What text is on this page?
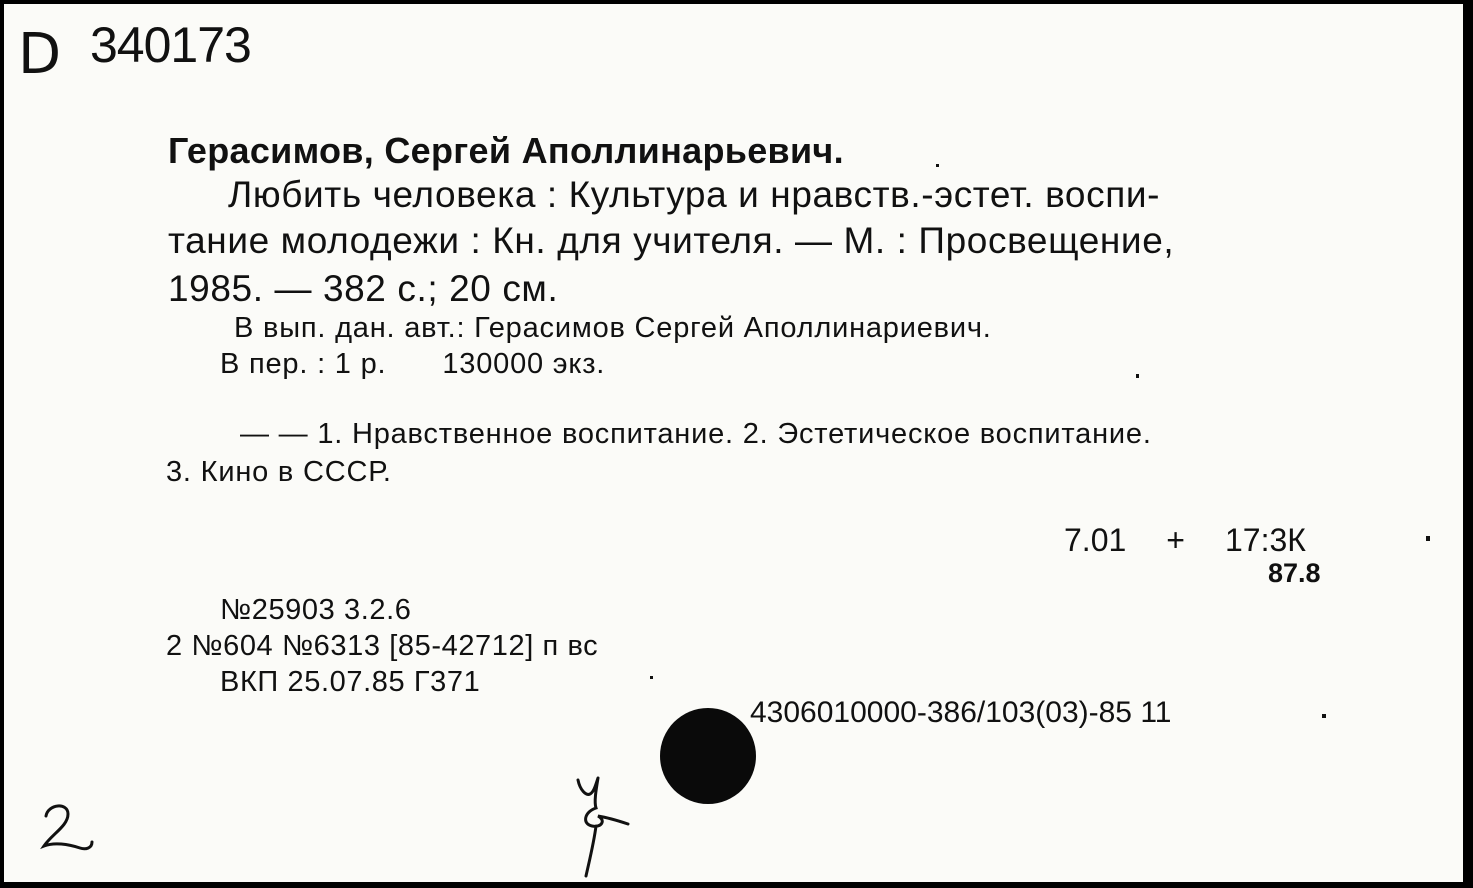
D 340173
Герасимов, Сергей Аполлинарьевич.
Любить человека : Культура и нравств.-эстет. воспи-
тание молодежи : Кн. для учителя. — М. : Просвещение,
1985. — 382 с.; 20 см.
В вып. дан. авт.: Герасимов Сергей Аполлинариевич.
В пер. : 1 р. 130000 экз.
— — 1. Нравственное воспитание. 2. Эстетическое воспитание.
3. Кино в СССР.
7.01 + 17:3К
87.8
№25903 3.2.6
2 №604 №6313 [85-42712] п вс
ВКП 25.07.85 Г371
4306010000-386/103(03)-85 11
